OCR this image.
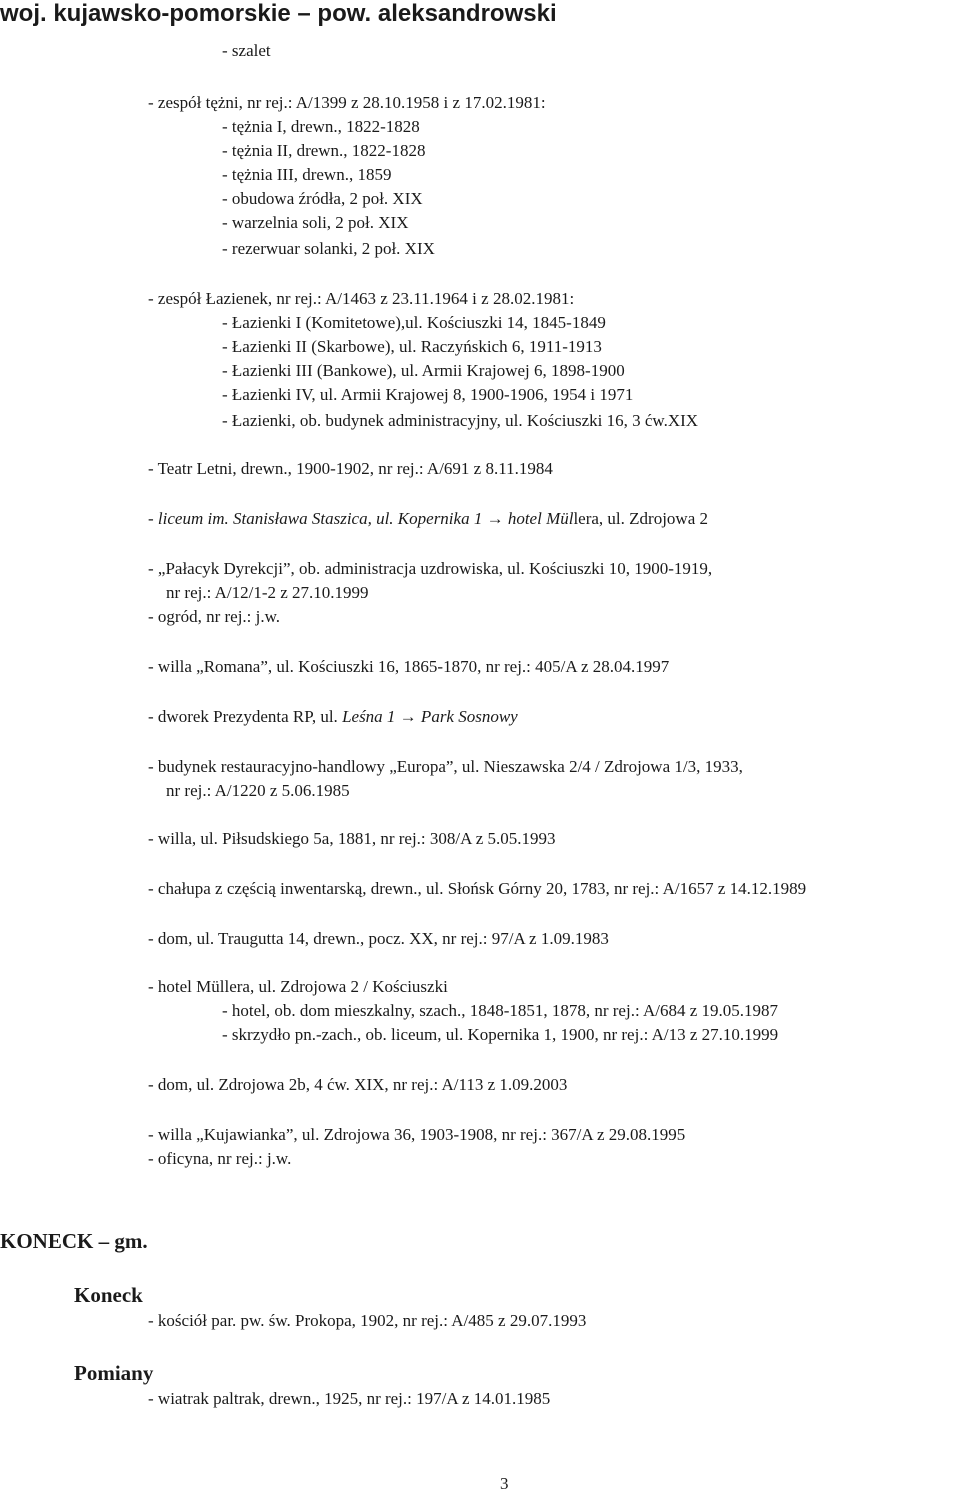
woj. kujawsko-pomorskie – pow. aleksandrowski

- szalet

- zespół tężni, nr rej.: A/1399 z 28.10.1958 i z 17.02.1981:

- tężnia I, drewn., 1822-1828

- tężnia II, drewn., 1822-1828

- tężnia III, drewn., 1859

- obudowa źródła, 2 poł. XIX

- warzelnia soli, 2 poł. XIX

- rezerwuar solanki, 2 poł. XIX

- zespół Łazienek, nr rej.: A/1463 z 23.11.1964 i z 28.02.1981:

- Łazienki I (Komitetowe),ul. Kościuszki 14, 1845-1849

- Łazienki II (Skarbowe), ul. Raczyńskich 6, 1911-1913

- Łazienki III (Bankowe), ul. Armii Krajowej 6, 1898-1900

- Łazienki IV, ul. Armii Krajowej 8, 1900-1906, 1954 i 1971

- Łazienki, ob. budynek administracyjny, ul. Kościuszki 16, 3 ćw.XIX

- Teatr Letni, drewn., 1900-1902, nr rej.: A/691 z 8.11.1984

- liceum im. Stanisława Staszica, ul. Kopernika 1 → hotel Müllera, ul. Zdrojowa 2

- „Pałacyk Dyrekcji”, ob. administracja uzdrowiska, ul. Kościuszki 10, 1900-1919,

nr rej.: A/12/1-2 z 27.10.1999

- ogród, nr rej.: j.w.

- willa „Romana”, ul. Kościuszki 16, 1865-1870, nr rej.: 405/A z 28.04.1997

- dworek Prezydenta RP, ul. Leśna 1 → Park Sosnowy

- budynek restauracyjno-handlowy „Europa”, ul. Nieszawska 2/4 / Zdrojowa 1/3, 1933,

nr rej.: A/1220 z 5.06.1985

- willa, ul. Piłsudskiego 5a, 1881, nr rej.: 308/A z 5.05.1993

- chałupa z częścią inwentarską, drewn., ul. Słońsk Górny 20, 1783, nr rej.: A/1657 z 14.12.1989

- dom, ul. Traugutta 14, drewn., pocz. XX, nr rej.: 97/A z 1.09.1983

- hotel Müllera, ul. Zdrojowa 2 / Kościuszki

- hotel, ob. dom mieszkalny, szach., 1848-1851, 1878, nr rej.: A/684 z 19.05.1987

- skrzydło pn.-zach., ob. liceum, ul. Kopernika 1, 1900, nr rej.: A/13 z 27.10.1999

- dom, ul. Zdrojowa 2b, 4 ćw. XIX, nr rej.: A/113 z 1.09.2003

- willa „Kujawianka”, ul. Zdrojowa 36, 1903-1908, nr rej.: 367/A z 29.08.1995

- oficyna, nr rej.: j.w.

KONECK – gm.
Koneck

- kościół par. pw. św. Prokopa, 1902, nr rej.: A/485 z 29.07.1993

Pomiany

- wiatrak paltrak, drewn., 1925, nr rej.: 197/A z 14.01.1985

3
